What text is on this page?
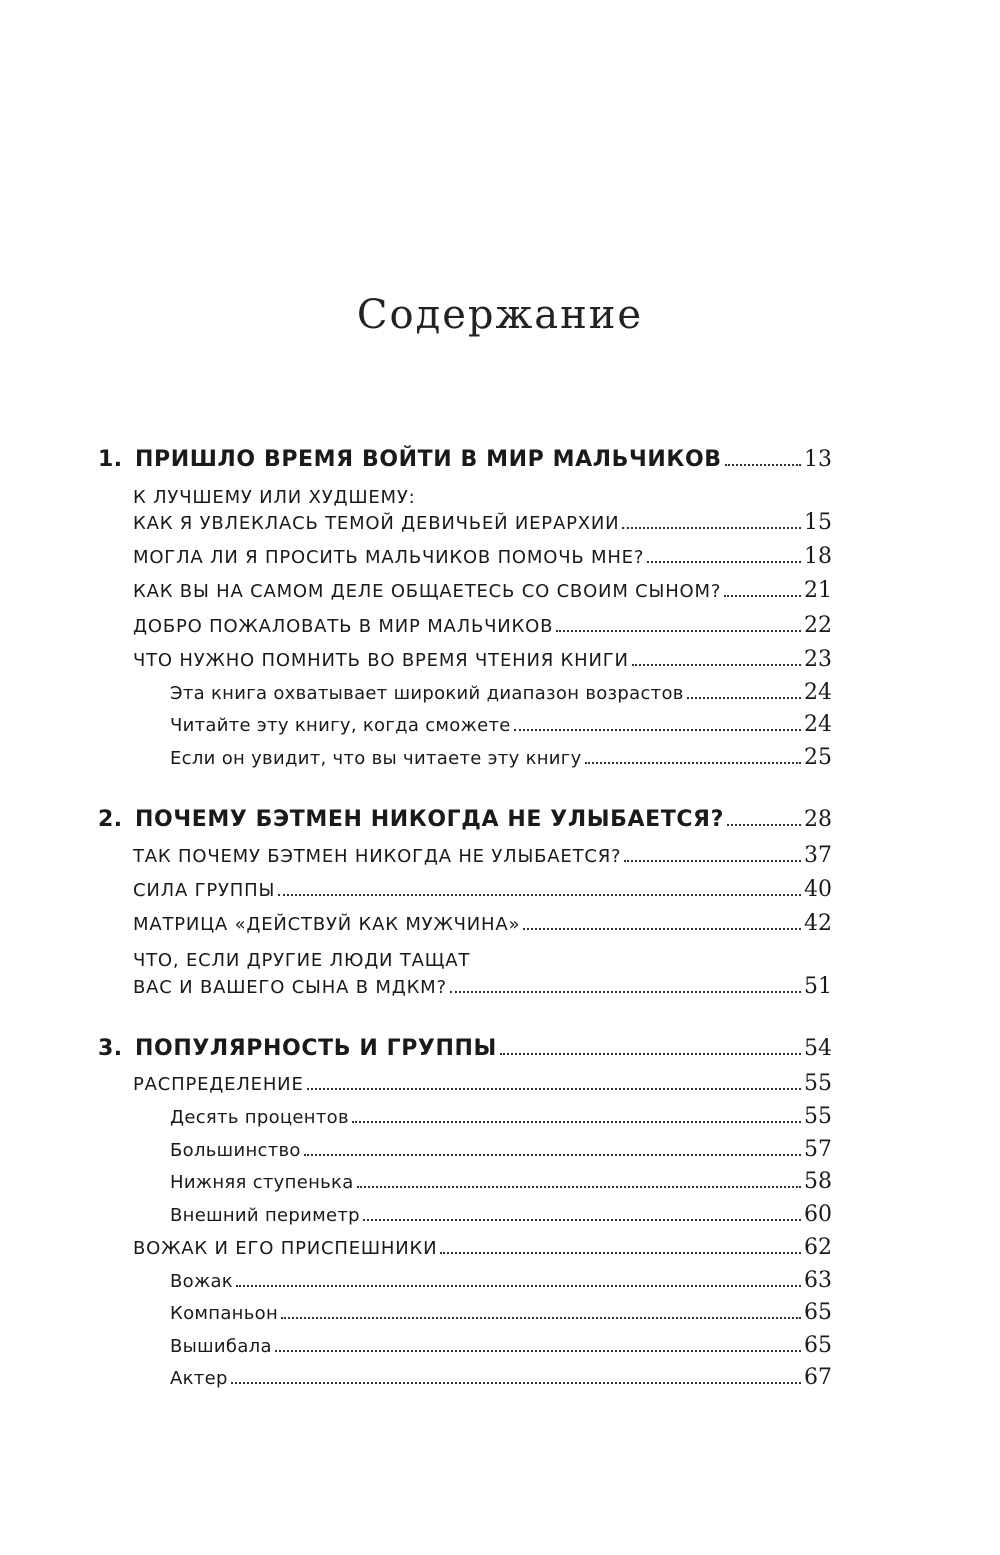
Содержание
1. ПРИШЛО ВРЕМЯ ВОЙТИ В МИР МАЛЬЧИКОВ	13
К ЛУЧШЕМУ ИЛИ ХУДШЕМУ:
КАК Я УВЛЕКЛАСЬ ТЕМОЙ ДЕВИЧЬЕЙ ИЕРАРХИИ	15
МОГЛА ЛИ Я ПРОСИТЬ МАЛЬЧИКОВ ПОМОЧЬ МНЕ?	18
КАК ВЫ НА САМОМ ДЕЛЕ ОБЩАЕТЕСЬ СО СВОИМ СЫНОМ?	21
ДОБРО ПОЖАЛОВАТЬ В МИР МАЛЬЧИКОВ	22
ЧТО НУЖНО ПОМНИТЬ ВО ВРЕМЯ ЧТЕНИЯ КНИГИ	23
Эта книга охватывает широкий диапазон возрастов	24
Читайте эту книгу, когда сможете	24
Если он увидит, что вы читаете эту книгу	25
2. ПОЧЕМУ БЭТМЕН НИКОГДА НЕ УЛЫБАЕТСЯ?	28
ТАК ПОЧЕМУ БЭТМЕН НИКОГДА НЕ УЛЫБАЕТСЯ?	37
СИЛА ГРУППЫ	40
МАТРИЦА «ДЕЙСТВУЙ КАК МУЖЧИНА»	42
ЧТО, ЕСЛИ ДРУГИЕ ЛЮДИ ТАЩАТ
ВАС И ВАШЕГО СЫНА В МДКМ?	51
3. ПОПУЛЯРНОСТЬ И ГРУППЫ	54
РАСПРЕДЕЛЕНИЕ	55
Десять процентов	55
Большинство	57
Нижняя ступенька	58
Внешний периметр	60
ВОЖАК И ЕГО ПРИСПЕШНИКИ	62
Вожак	63
Компаньон	65
Вышибала	65
Актер	67
